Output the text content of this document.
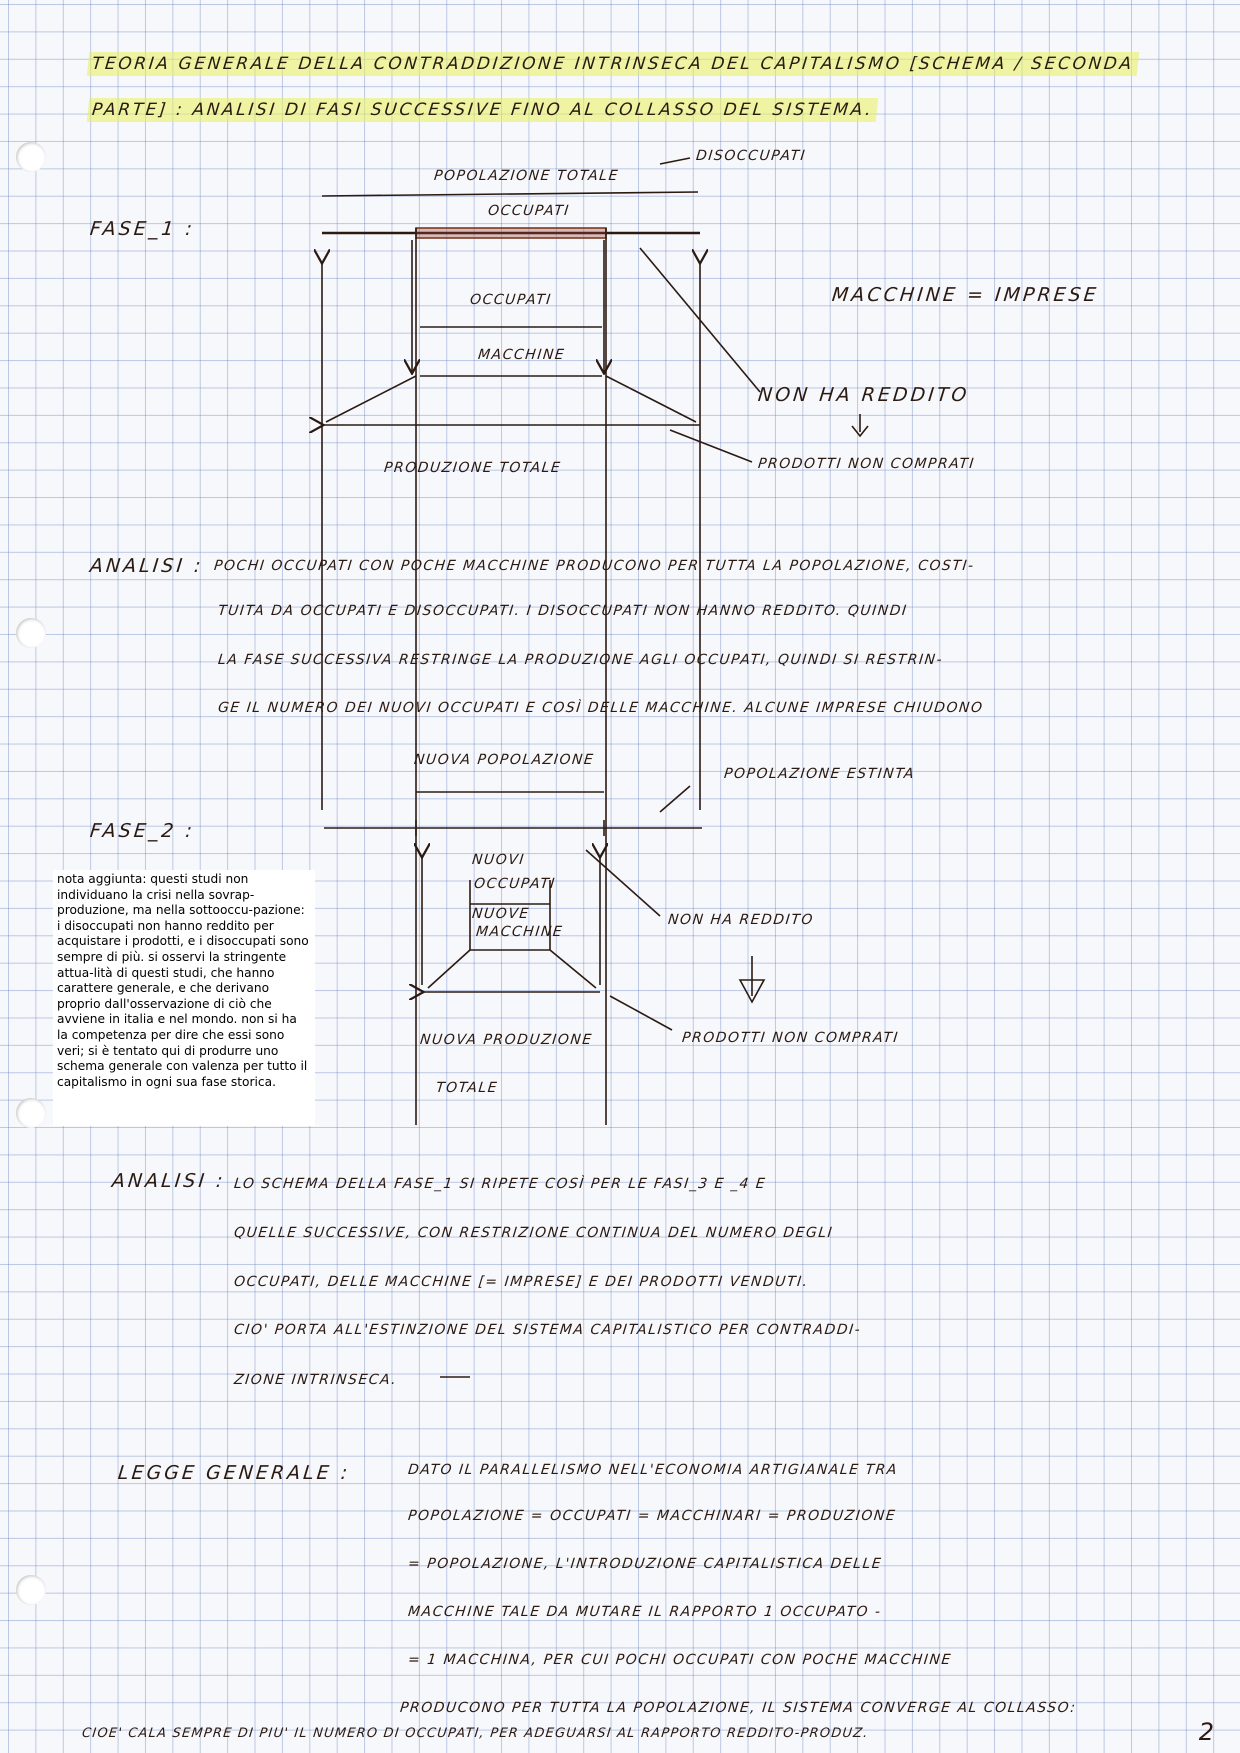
TEORIA GENERALE DELLA CONTRADDIZIONE INTRINSECA DEL CAPITALISMO [SCHEMA / SECONDA
PARTE] : ANALISI DI FASI SUCCESSIVE FINO AL COLLASSO DEL SISTEMA.
FASE_1 :
POPOLAZIONE TOTALE
DISOCCUPATI
OCCUPATI
OCCUPATI
MACCHINE
MACCHINE = IMPRESE
NON HA REDDITO
PRODUZIONE TOTALE	PRODOTTI NON COMPRATI
ANALISI : POCHI OCCUPATI CON POCHE MACCHINE PRODUCONO PER TUTTA LA POPOLAZIONE, COSTI-
TUITA DA OCCUPATI E DISOCCUPATI. I DISOCCUPATI NON HANNO REDDITO. QUINDI
LA FASE SUCCESSIVA RESTRINGE LA PRODUZIONE AGLI OCCUPATI, QUINDI SI RESTRIN-
GE IL NUMERO DEI NUOVI OCCUPATI E COSÌ DELLE MACCHINE. ALCUNE IMPRESE CHIUDONO
FASE_2 :
NUOVA POPOLAZIONE
POPOLAZIONE ESTINTA
NUOVI
OCCUPATI
NUOVE
MACCHINE
NON HA REDDITO
NUOVA PRODUZIONE
TOTALE
PRODOTTI NON COMPRATI
nota aggiunta: questi studi non individuano la crisi nella sovrap-produzione, ma nella sottooccu-pazione: i disoccupati non hanno reddito per acquistare i prodotti, e i disoccupati sono sempre di più. si osservi la stringente attua-lità di questi studi, che hanno carattere generale, e che derivano proprio dall'osservazione di ciò che avviene in italia e nel mondo. non si ha la competenza per dire che essi sono veri; si è tentato qui di produrre uno schema generale con valenza per tutto il capitalismo in ogni sua fase storica.
ANALISI : LO SCHEMA DELLA FASE_1 SI RIPETE COSÌ PER LE FASI_3 E _4 E
QUELLE SUCCESSIVE, CON RESTRIZIONE CONTINUA DEL NUMERO DEGLI
OCCUPATI, DELLE MACCHINE [= IMPRESE] E DEI PRODOTTI VENDUTI.
CIO' PORTA ALL'ESTINZIONE DEL SISTEMA CAPITALISTICO PER CONTRADDI-
ZIONE INTRINSECA.
LEGGE GENERALE :	DATO IL PARALLELISMO NELL'ECONOMIA ARTIGIANALE TRA
POPOLAZIONE = OCCUPATI = MACCHINARI = PRODUZIONE
= POPOLAZIONE, L'INTRODUZIONE CAPITALISTICA DELLE
MACCHINE TALE DA MUTARE IL RAPPORTO 1 OCCUPATO -
= 1 MACCHINA, PER CUI POCHI OCCUPATI CON POCHE MACCHINE
PRODUCONO PER TUTTA LA POPOLAZIONE, IL SISTEMA CONVERGE AL COLLASSO:
CIOE' CALA SEMPRE DI PIU' IL NUMERO DI OCCUPATI, PER ADEGUARSI AL RAPPORTO REDDITO-PRODUZ.	2
